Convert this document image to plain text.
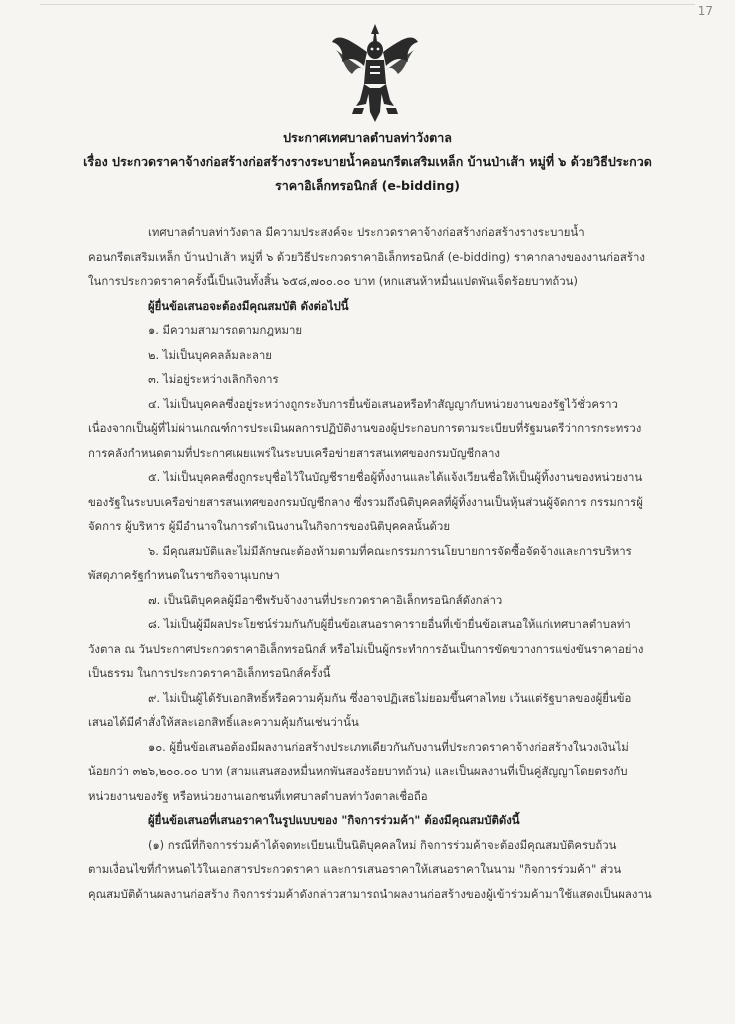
17
ประกาศเทศบาลตำบลท่าวังตาล
เรื่อง ประกวดราคาจ้างก่อสร้างก่อสร้างรางระบายน้ำคอนกรีตเสริมเหล็ก บ้านป่าเส้า หมู่ที่ ๖ ด้วยวิธีประกวด
ราคาอิเล็กทรอนิกส์ (e-bidding)
เทศบาลตำบลท่าวังตาล มีความประสงค์จะ ประกวดราคาจ้างก่อสร้างก่อสร้างรางระบายน้ำ
คอนกรีตเสริมเหล็ก บ้านป่าเส้า หมู่ที่ ๖ ด้วยวิธีประกวดราคาอิเล็กทรอนิกส์ (e-bidding) ราคากลางของงานก่อสร้าง
ในการประกวดราคาครั้งนี้เป็นเงินทั้งสิ้น ๖๕๘,๗๐๐.๐๐ บาท (หกแสนห้าหมื่นแปดพันเจ็ดร้อยบาทถ้วน)
ผู้ยื่นข้อเสนอจะต้องมีคุณสมบัติ ดังต่อไปนี้
๑. มีความสามารถตามกฎหมาย
๒. ไม่เป็นบุคคลล้มละลาย
๓. ไม่อยู่ระหว่างเลิกกิจการ
๔. ไม่เป็นบุคคลซึ่งอยู่ระหว่างถูกระงับการยื่นข้อเสนอหรือทำสัญญากับหน่วยงานของรัฐไว้ชั่วคราว
เนื่องจากเป็นผู้ที่ไม่ผ่านเกณฑ์การประเมินผลการปฏิบัติงานของผู้ประกอบการตามระเบียบที่รัฐมนตรีว่าการกระทรวง
การคลังกำหนดตามที่ประกาศเผยแพร่ในระบบเครือข่ายสารสนเทศของกรมบัญชีกลาง
๕. ไม่เป็นบุคคลซึ่งถูกระบุชื่อไว้ในบัญชีรายชื่อผู้ทิ้งงานและได้แจ้งเวียนชื่อให้เป็นผู้ทิ้งงานของหน่วยงาน
ของรัฐในระบบเครือข่ายสารสนเทศของกรมบัญชีกลาง ซึ่งรวมถึงนิติบุคคลที่ผู้ทิ้งงานเป็นหุ้นส่วนผู้จัดการ กรรมการผู้
จัดการ ผู้บริหาร ผู้มีอำนาจในการดำเนินงานในกิจการของนิติบุคคลนั้นด้วย
๖. มีคุณสมบัติและไม่มีลักษณะต้องห้ามตามที่คณะกรรมการนโยบายการจัดซื้อจัดจ้างและการบริหาร
พัสดุภาครัฐกำหนดในราชกิจจานุเบกษา
๗. เป็นนิติบุคคลผู้มีอาชีพรับจ้างงานที่ประกวดราคาอิเล็กทรอนิกส์ดังกล่าว
๘. ไม่เป็นผู้มีผลประโยชน์ร่วมกันกับผู้ยื่นข้อเสนอราคารายอื่นที่เข้ายื่นข้อเสนอให้แก่เทศบาลตำบลท่า
วังตาล ณ วันประกาศประกวดราคาอิเล็กทรอนิกส์ หรือไม่เป็นผู้กระทำการอันเป็นการขัดขวางการแข่งขันราคาอย่าง
เป็นธรรม ในการประกวดราคาอิเล็กทรอนิกส์ครั้งนี้
๙. ไม่เป็นผู้ได้รับเอกสิทธิ์หรือความคุ้มกัน ซึ่งอาจปฏิเสธไม่ยอมขึ้นศาลไทย เว้นแต่รัฐบาลของผู้ยื่นข้อ
เสนอได้มีคำสั่งให้สละเอกสิทธิ์และความคุ้มกันเช่นว่านั้น
๑๐. ผู้ยื่นข้อเสนอต้องมีผลงานก่อสร้างประเภทเดียวกันกับงานที่ประกวดราคาจ้างก่อสร้างในวงเงินไม่
น้อยกว่า ๓๒๖,๒๐๐.๐๐ บาท (สามแสนสองหมื่นหกพันสองร้อยบาทถ้วน) และเป็นผลงานที่เป็นคู่สัญญาโดยตรงกับ
หน่วยงานของรัฐ หรือหน่วยงานเอกชนที่เทศบาลตำบลท่าวังตาลเชื่อถือ
ผู้ยื่นข้อเสนอที่เสนอราคาในรูปแบบของ "กิจการร่วมค้า" ต้องมีคุณสมบัติดังนี้
(๑) กรณีที่กิจการร่วมค้าได้จดทะเบียนเป็นนิติบุคคลใหม่ กิจการร่วมค้าจะต้องมีคุณสมบัติครบถ้วน
ตามเงื่อนไขที่กำหนดไว้ในเอกสารประกวดราคา และการเสนอราคาให้เสนอราคาในนาม "กิจการร่วมค้า" ส่วน
คุณสมบัติด้านผลงานก่อสร้าง กิจการร่วมค้าดังกล่าวสามารถนำผลงานก่อสร้างของผู้เข้าร่วมค้ามาใช้แสดงเป็นผลงาน
